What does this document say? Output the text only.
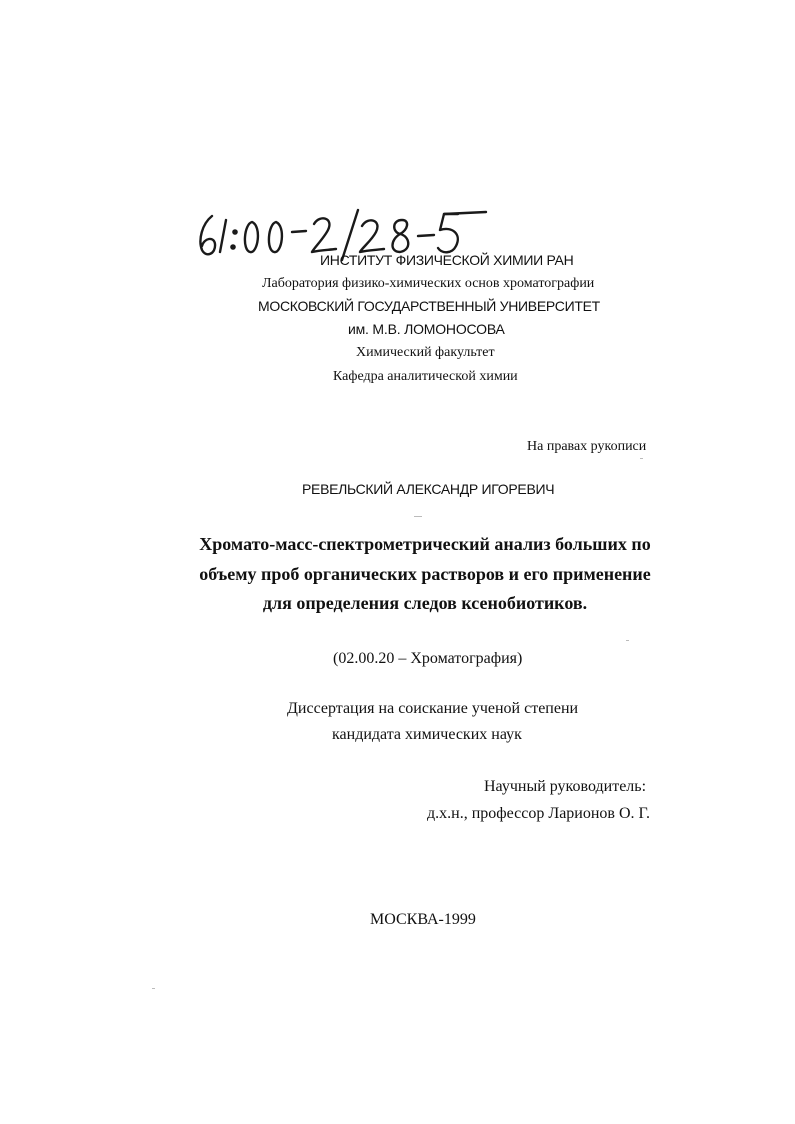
ИНСТИТУТ ФИЗИЧЕСКОЙ ХИМИИ РАН
Лаборатория физико-химических основ хроматографии
МОСКОВСКИЙ ГОСУДАРСТВЕННЫЙ УНИВЕРСИТЕТ
им. М.В. ЛОМОНОСОВА
Химический факультет
Кафедра аналитической химии
На правах рукописи
РЕВЕЛЬСКИЙ АЛЕКСАНДР ИГОРЕВИЧ
Хромато-масс-спектрометрический анализ больших по
объему проб органических растворов и его применение
для определения следов ксенобиотиков.
(02.00.20 – Хроматография)
Диссертация на соискание ученой степени
кандидата химических наук
Научный руководитель:
д.х.н., профессор Ларионов О. Г.
МОСКВА-1999
